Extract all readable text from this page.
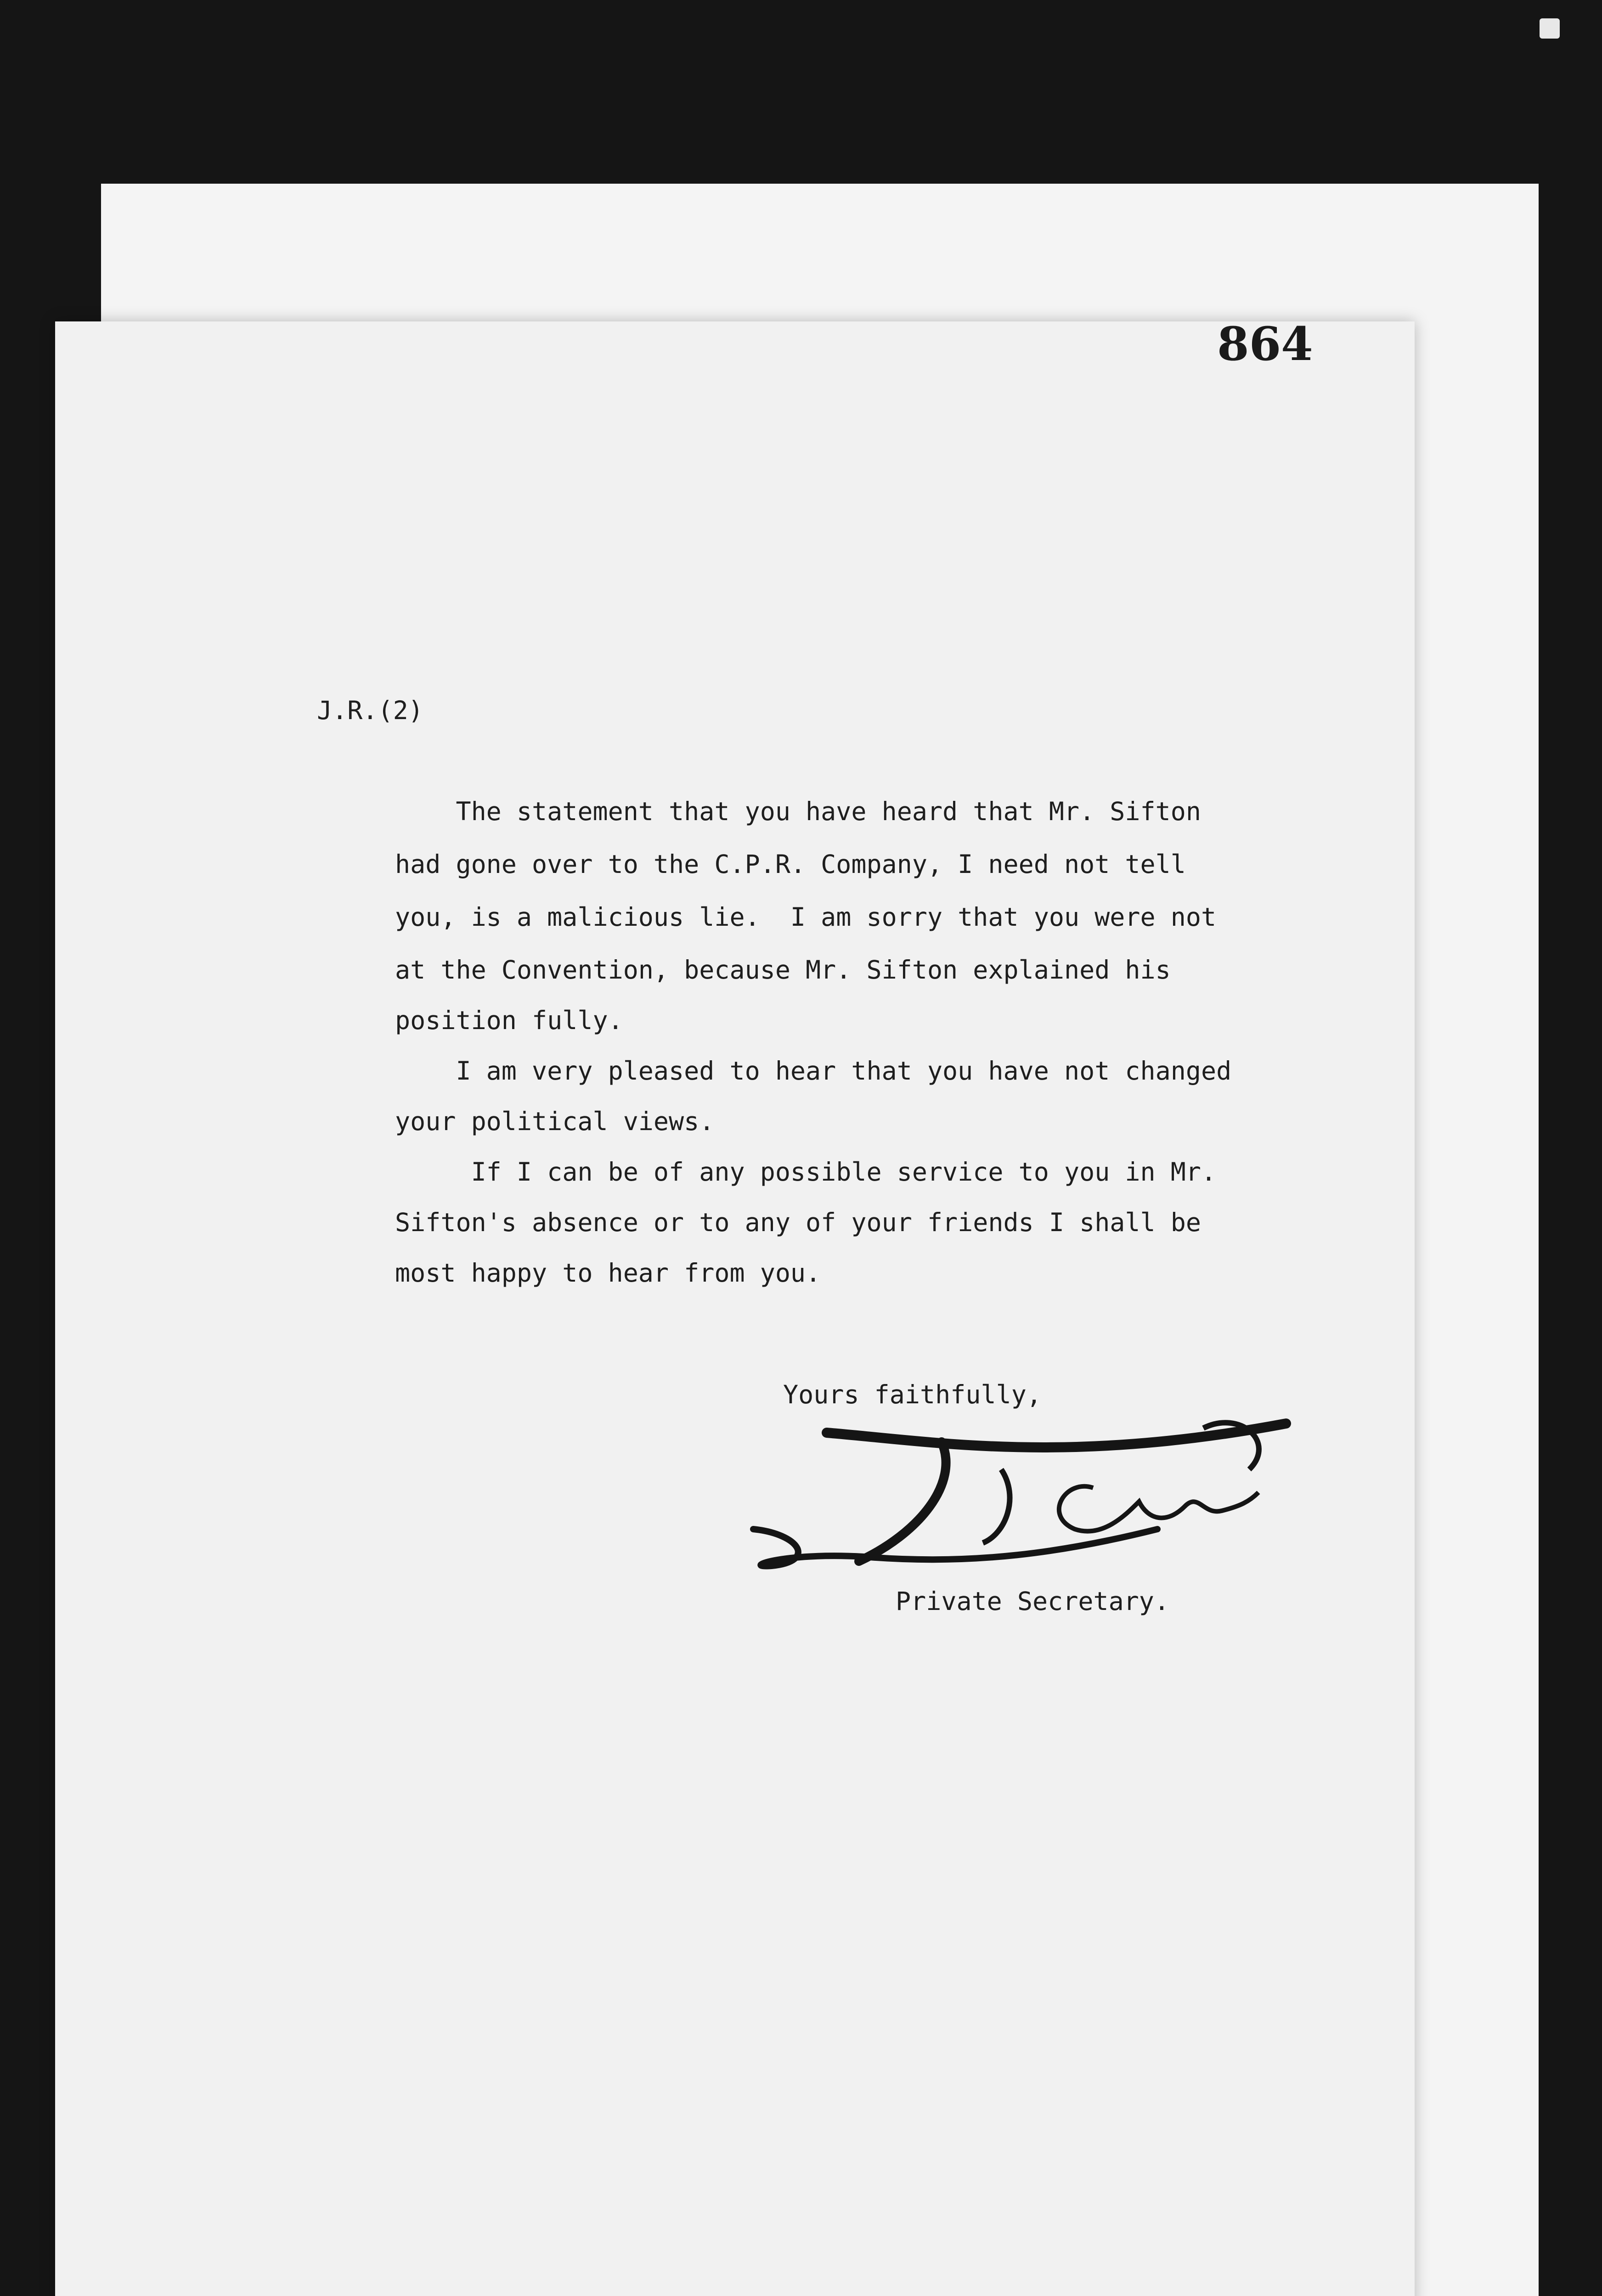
864
J.R.(2)

The statement that you have heard that Mr. Sifton

had gone over to the C.P.R. Company, I need not tell

you, is a malicious lie.  I am sorry that you were not

at the Convention, because Mr. Sifton explained his

position fully.

I am very pleased to hear that you have not changed

your political views.

If I can be of any possible service to you in Mr.

Sifton's absence or to any of your friends I shall be

most happy to hear from you.

Yours faithfully,
Private Secretary.
